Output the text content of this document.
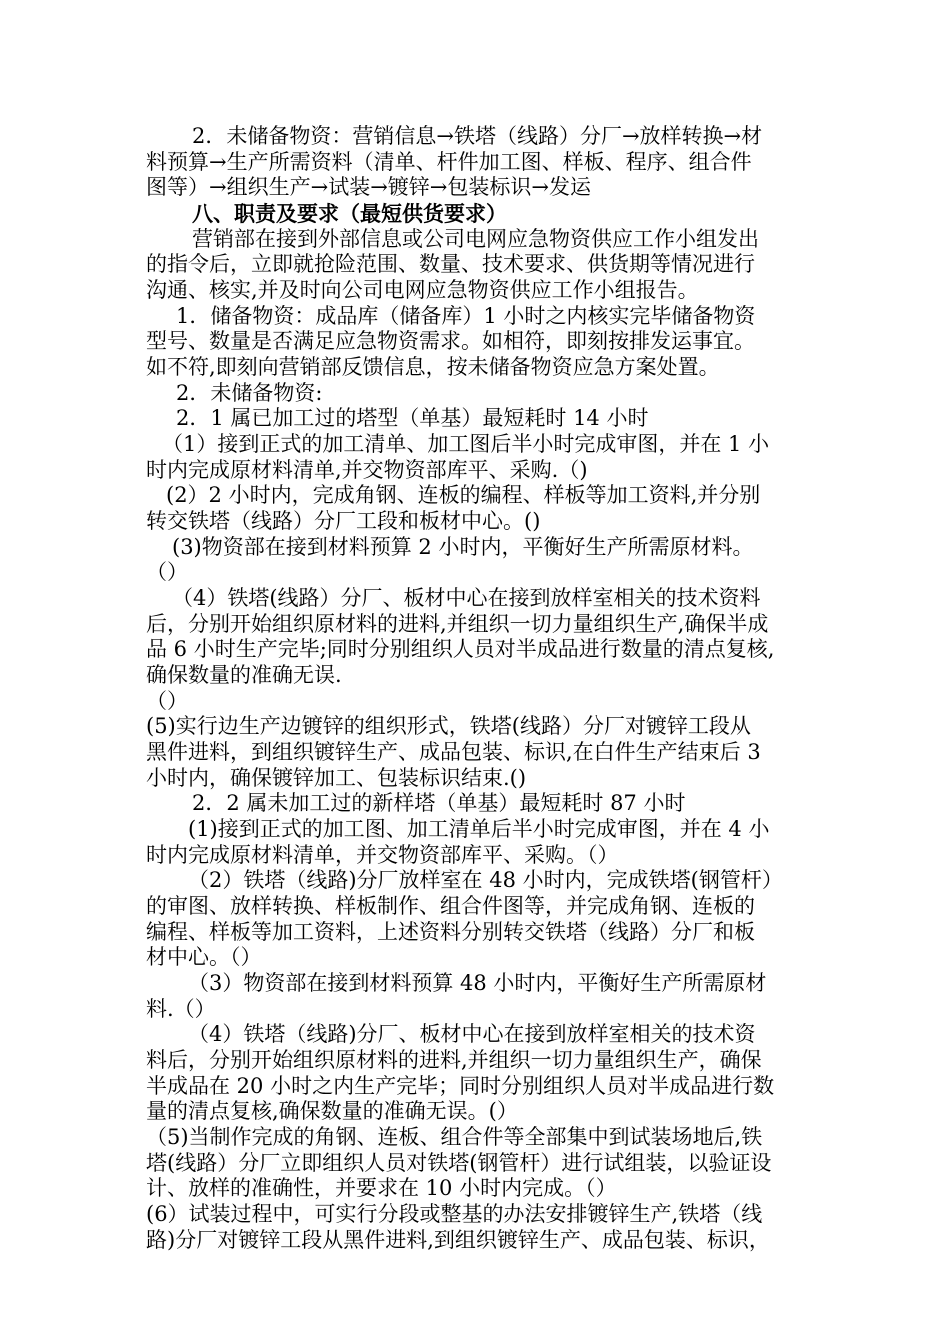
2．未储备物资：营销信息→铁塔（线路）分厂→放样转换→材
料预算→生产所需资料（清单、杆件加工图、样板、程序、组合件
图等）→组织生产→试装→镀锌→包装标识→发运
八、职责及要求（最短供货要求）
营销部在接到外部信息或公司电网应急物资供应工作小组发出
的指令后，立即就抢险范围、数量、技术要求、供货期等情况进行
沟通、核实,并及时向公司电网应急物资供应工作小组报告。
1．储备物资：成品库（储备库）1 小时之内核实完毕储备物资
型号、数量是否满足应急物资需求。如相符，即刻按排发运事宜。
如不符,即刻向营销部反馈信息，按未储备物资应急方案处置。
2．未储备物资:
2．1 属已加工过的塔型（单基）最短耗时 14 小时
（1）接到正式的加工清单、加工图后半小时完成审图，并在 1 小
时内完成原材料清单,并交物资部库平、采购.（)
(2）2 小时内，完成角钢、连板的编程、样板等加工资料,并分别
转交铁塔（线路）分厂工段和板材中心。()
(3)物资部在接到材料预算 2 小时内，平衡好生产所需原材料。
（）
（4）铁塔(线路）分厂、板材中心在接到放样室相关的技术资料
后，分别开始组织原材料的进料,并组织一切力量组织生产,确保半成
品 6 小时生产完毕;同时分别组织人员对半成品进行数量的清点复核,
确保数量的准确无误.
（）
(5)实行边生产边镀锌的组织形式，铁塔(线路）分厂对镀锌工段从
黑件进料，到组织镀锌生产、成品包装、标识,在白件生产结束后 3
小时内，确保镀锌加工、包装标识结束.()
2．2 属未加工过的新样塔（单基）最短耗时 87 小时
(1)接到正式的加工图、加工清单后半小时完成审图，并在 4 小
时内完成原材料清单，并交物资部库平、采购。（）
（2）铁塔（线路)分厂放样室在 48 小时内，完成铁塔(钢管杆）
的审图、放样转换、样板制作、组合件图等，并完成角钢、连板的
编程、样板等加工资料，上述资料分别转交铁塔（线路）分厂和板
材中心。（）
（3）物资部在接到材料预算 48 小时内，平衡好生产所需原材
料.（）
（4）铁塔（线路)分厂、板材中心在接到放样室相关的技术资
料后，分别开始组织原材料的进料,并组织一切力量组织生产，确保
半成品在 20 小时之内生产完毕；同时分别组织人员对半成品进行数
量的清点复核,确保数量的准确无误。(）
（5)当制作完成的角钢、连板、组合件等全部集中到试装场地后,铁
塔(线路）分厂立即组织人员对铁塔(钢管杆）进行试组装，以验证设
计、放样的准确性，并要求在 10 小时内完成。（）
(6）试装过程中，可实行分段或整基的办法安排镀锌生产,铁塔（线
路)分厂对镀锌工段从黑件进料,到组织镀锌生产、成品包装、标识，
